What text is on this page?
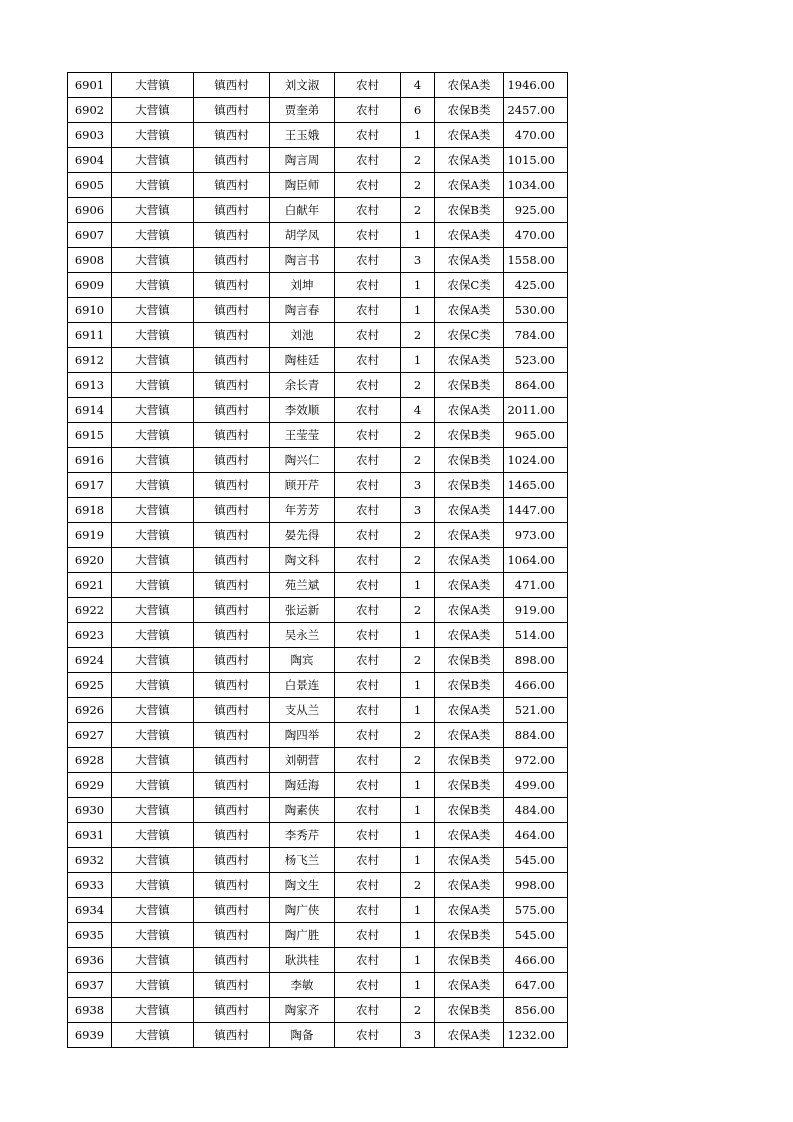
6901	大营镇	镇西村	刘文淑	农村	4	农保A类	1946.00
6902	大营镇	镇西村	贾奎弟	农村	6	农保B类	2457.00
6903	大营镇	镇西村	王玉娥	农村	1	农保A类	470.00
6904	大营镇	镇西村	陶言周	农村	2	农保A类	1015.00
6905	大营镇	镇西村	陶臣师	农村	2	农保A类	1034.00
6906	大营镇	镇西村	白献年	农村	2	农保B类	925.00
6907	大营镇	镇西村	胡学凤	农村	1	农保A类	470.00
6908	大营镇	镇西村	陶言书	农村	3	农保A类	1558.00
6909	大营镇	镇西村	刘坤	农村	1	农保C类	425.00
6910	大营镇	镇西村	陶言春	农村	1	农保A类	530.00
6911	大营镇	镇西村	刘池	农村	2	农保C类	784.00
6912	大营镇	镇西村	陶桂廷	农村	1	农保A类	523.00
6913	大营镇	镇西村	余长青	农村	2	农保B类	864.00
6914	大营镇	镇西村	李效顺	农村	4	农保A类	2011.00
6915	大营镇	镇西村	王莹莹	农村	2	农保B类	965.00
6916	大营镇	镇西村	陶兴仁	农村	2	农保B类	1024.00
6917	大营镇	镇西村	顾开芹	农村	3	农保B类	1465.00
6918	大营镇	镇西村	年芳芳	农村	3	农保A类	1447.00
6919	大营镇	镇西村	晏先得	农村	2	农保A类	973.00
6920	大营镇	镇西村	陶文科	农村	2	农保A类	1064.00
6921	大营镇	镇西村	苑兰斌	农村	1	农保A类	471.00
6922	大营镇	镇西村	张运新	农村	2	农保A类	919.00
6923	大营镇	镇西村	吴永兰	农村	1	农保A类	514.00
6924	大营镇	镇西村	陶宾	农村	2	农保B类	898.00
6925	大营镇	镇西村	白景连	农村	1	农保B类	466.00
6926	大营镇	镇西村	支从兰	农村	1	农保A类	521.00
6927	大营镇	镇西村	陶四举	农村	2	农保A类	884.00
6928	大营镇	镇西村	刘朝营	农村	2	农保B类	972.00
6929	大营镇	镇西村	陶廷海	农村	1	农保B类	499.00
6930	大营镇	镇西村	陶素侠	农村	1	农保B类	484.00
6931	大营镇	镇西村	李秀芹	农村	1	农保A类	464.00
6932	大营镇	镇西村	杨飞兰	农村	1	农保A类	545.00
6933	大营镇	镇西村	陶文生	农村	2	农保A类	998.00
6934	大营镇	镇西村	陶广侠	农村	1	农保A类	575.00
6935	大营镇	镇西村	陶广胜	农村	1	农保B类	545.00
6936	大营镇	镇西村	耿洪桂	农村	1	农保B类	466.00
6937	大营镇	镇西村	李敏	农村	1	农保A类	647.00
6938	大营镇	镇西村	陶家齐	农村	2	农保B类	856.00
6939	大营镇	镇西村	陶备	农村	3	农保A类	1232.00
